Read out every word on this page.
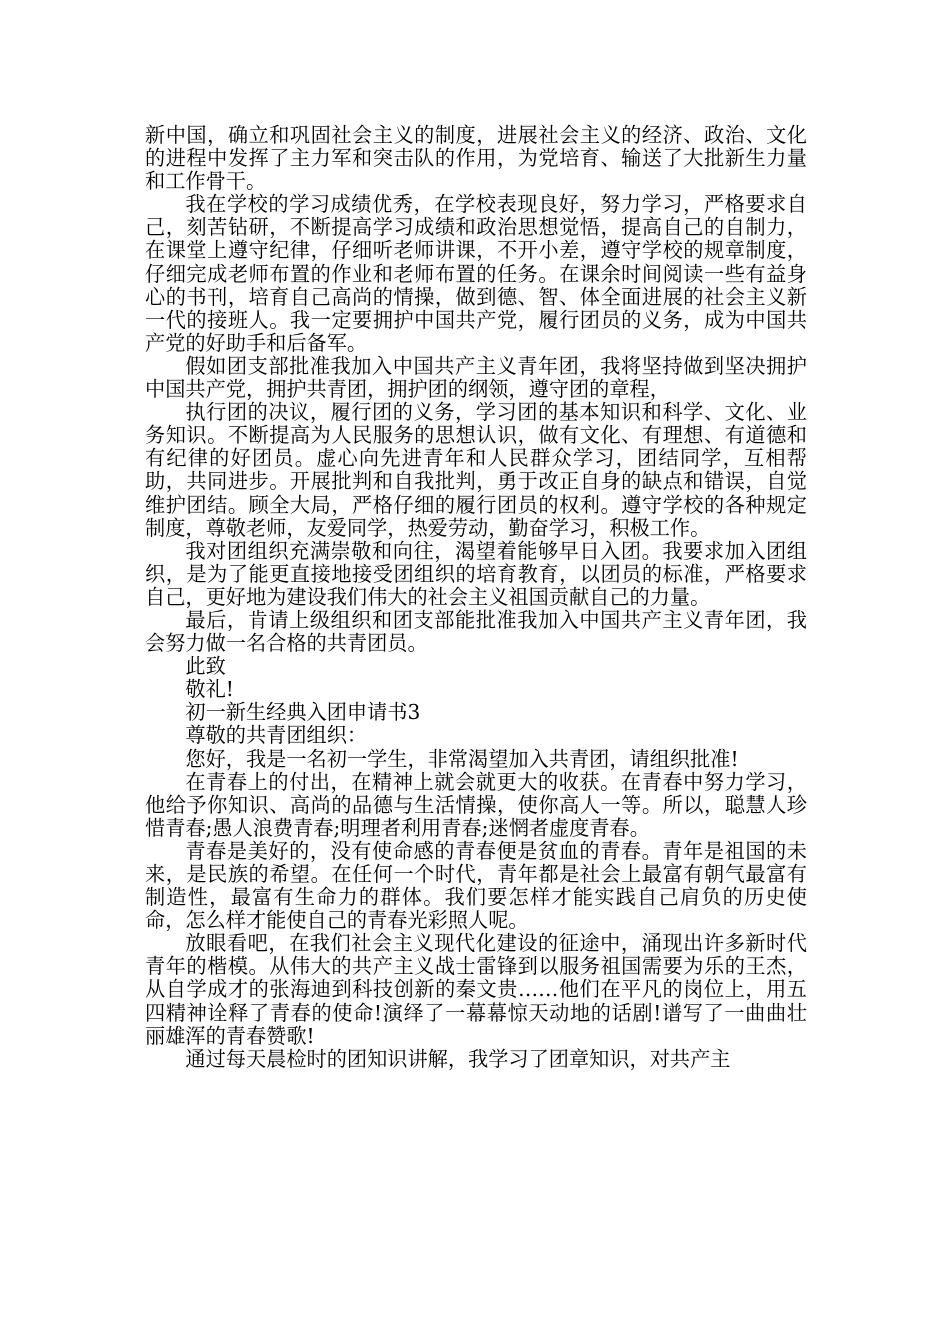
新中国，确立和巩固社会主义的制度，进展社会主义的经济、政治、文化的进程中发挥了主力军和突击队的作用，为党培育、输送了大批新生力量和工作骨干。

我在学校的学习成绩优秀，在学校表现良好，努力学习，严格要求自己，刻苦钻研，不断提高学习成绩和政治思想觉悟，提高自己的自制力，在课堂上遵守纪律，仔细听老师讲课，不开小差，遵守学校的规章制度，仔细完成老师布置的作业和老师布置的任务。在课余时间阅读一些有益身心的书刊，培育自己高尚的情操，做到德、智、体全面进展的社会主义新一代的接班人。我一定要拥护中国共产党，履行团员的义务，成为中国共产党的好助手和后备军。

假如团支部批准我加入中国共产主义青年团，我将坚持做到坚决拥护中国共产党，拥护共青团，拥护团的纲领，遵守团的章程，

执行团的决议，履行团的义务，学习团的基本知识和科学、文化、业务知识。不断提高为人民服务的思想认识，做有文化、有理想、有道德和有纪律的好团员。虚心向先进青年和人民群众学习，团结同学，互相帮助，共同进步。开展批判和自我批判，勇于改正自身的缺点和错误，自觉维护团结。顾全大局，严格仔细的履行团员的权利。遵守学校的各种规定制度，尊敬老师，友爱同学，热爱劳动，勤奋学习，积极工作。

我对团组织充满崇敬和向往，渴望着能够早日入团。我要求加入团组织，是为了能更直接地接受团组织的培育教育，以团员的标准，严格要求自己，更好地为建设我们伟大的社会主义祖国贡献自己的力量。

最后，肯请上级组织和团支部能批准我加入中国共产主义青年团，我会努力做一名合格的共青团员。

此致

敬礼!

初一新生经典入团申请书3

尊敬的共青团组织：

您好，我是一名初一学生，非常渴望加入共青团，请组织批准!

在青春上的付出，在精神上就会就更大的收获。在青春中努力学习，他给予你知识、高尚的品德与生活情操，使你高人一等。所以，聪慧人珍惜青春;愚人浪费青春;明理者利用青春;迷惘者虚度青春。

青春是美好的，没有使命感的青春便是贫血的青春。青年是祖国的未来，是民族的希望。在任何一个时代，青年都是社会上最富有朝气最富有制造性，最富有生命力的群体。我们要怎样才能实践自己肩负的历史使命，怎么样才能使自己的青春光彩照人呢。

放眼看吧，在我们社会主义现代化建设的征途中，涌现出许多新时代青年的楷模。从伟大的共产主义战士雷锋到以服务祖国需要为乐的王杰，从自学成才的张海迪到科技创新的秦文贵……他们在平凡的岗位上，用五四精神诠释了青春的使命!演绎了一幕幕惊天动地的话剧!谱写了一曲曲壮丽雄浑的青春赞歌!

通过每天晨检时的团知识讲解，我学习了团章知识，对共产主
